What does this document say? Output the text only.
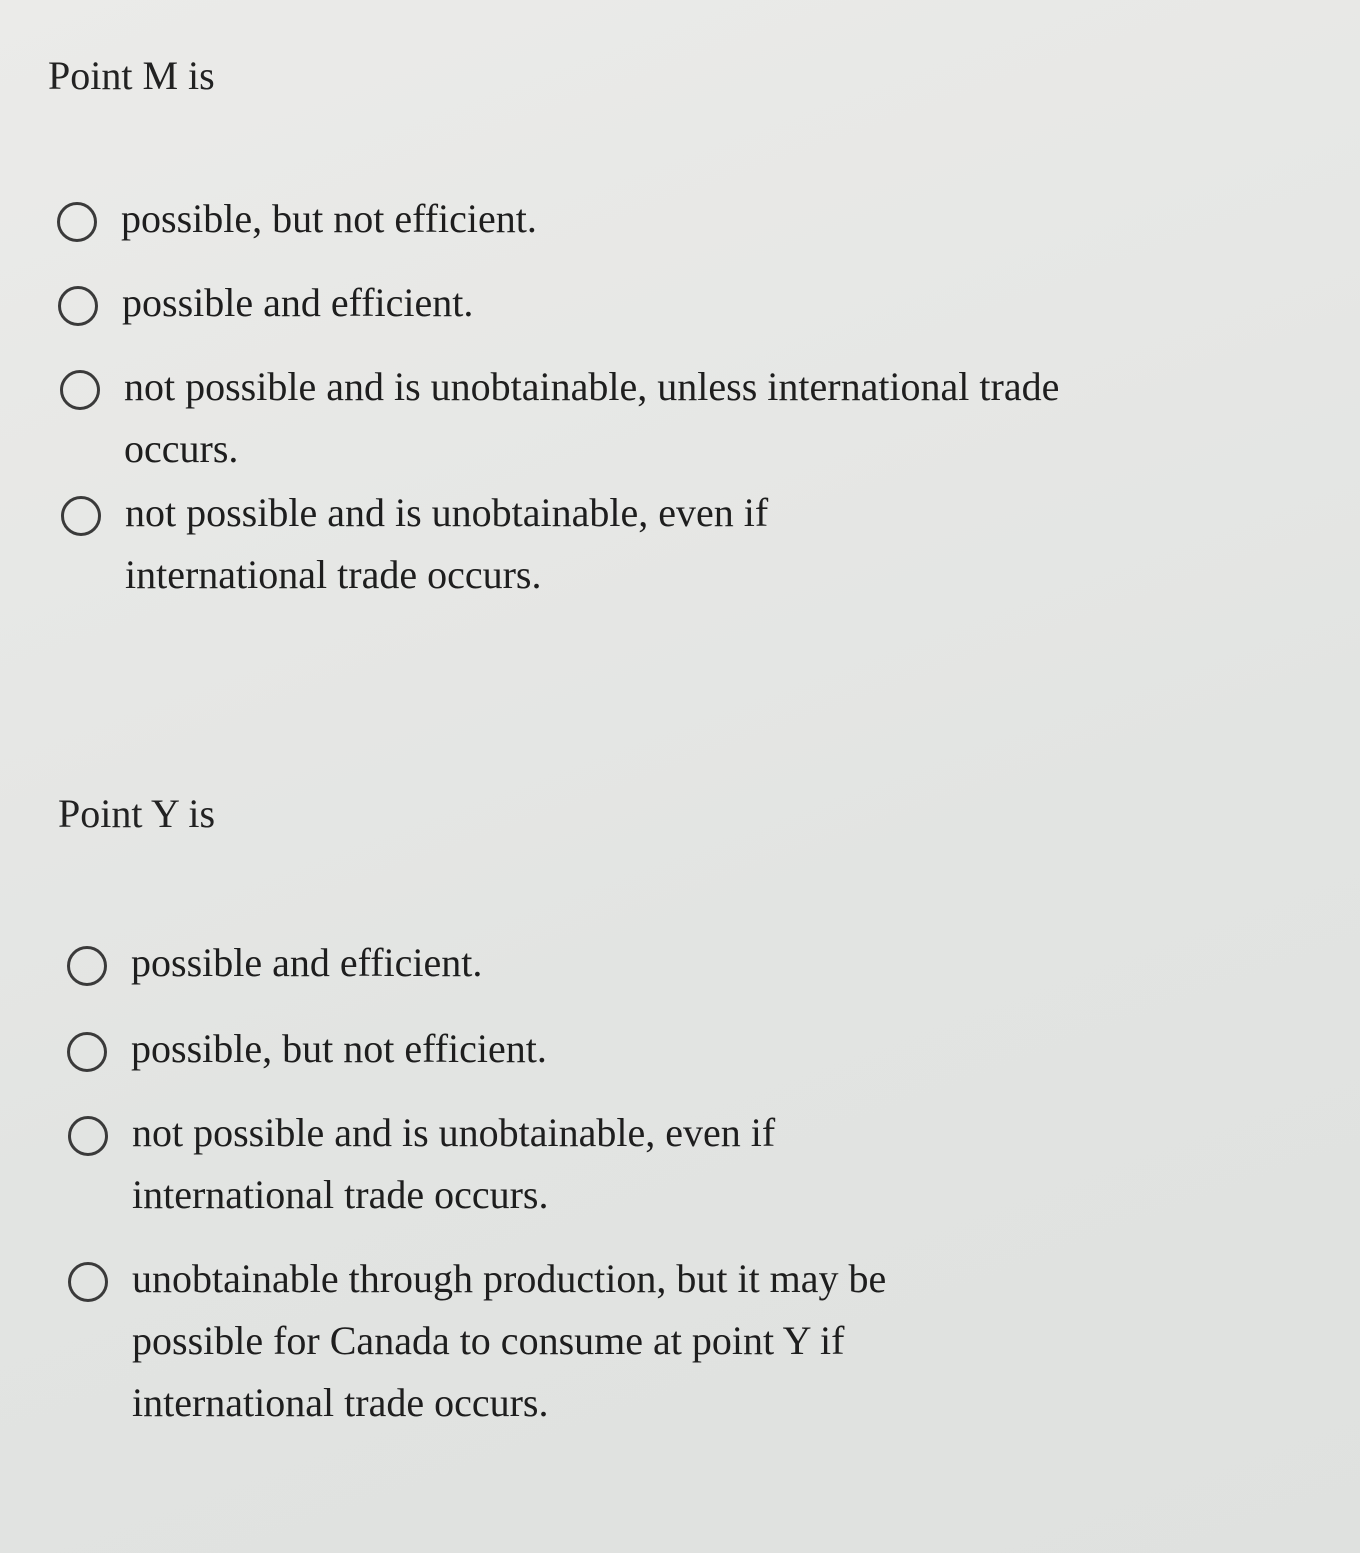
Point M is
possible, but not efficient.
possible and efficient.
not possible and is unobtainable, unless international trade occurs.
not possible and is unobtainable, even if international trade occurs.
Point Y is
possible and efficient.
possible, but not efficient.
not possible and is unobtainable, even if international trade occurs.
unobtainable through production, but it may be possible for Canada to consume at point Y if international trade occurs.
